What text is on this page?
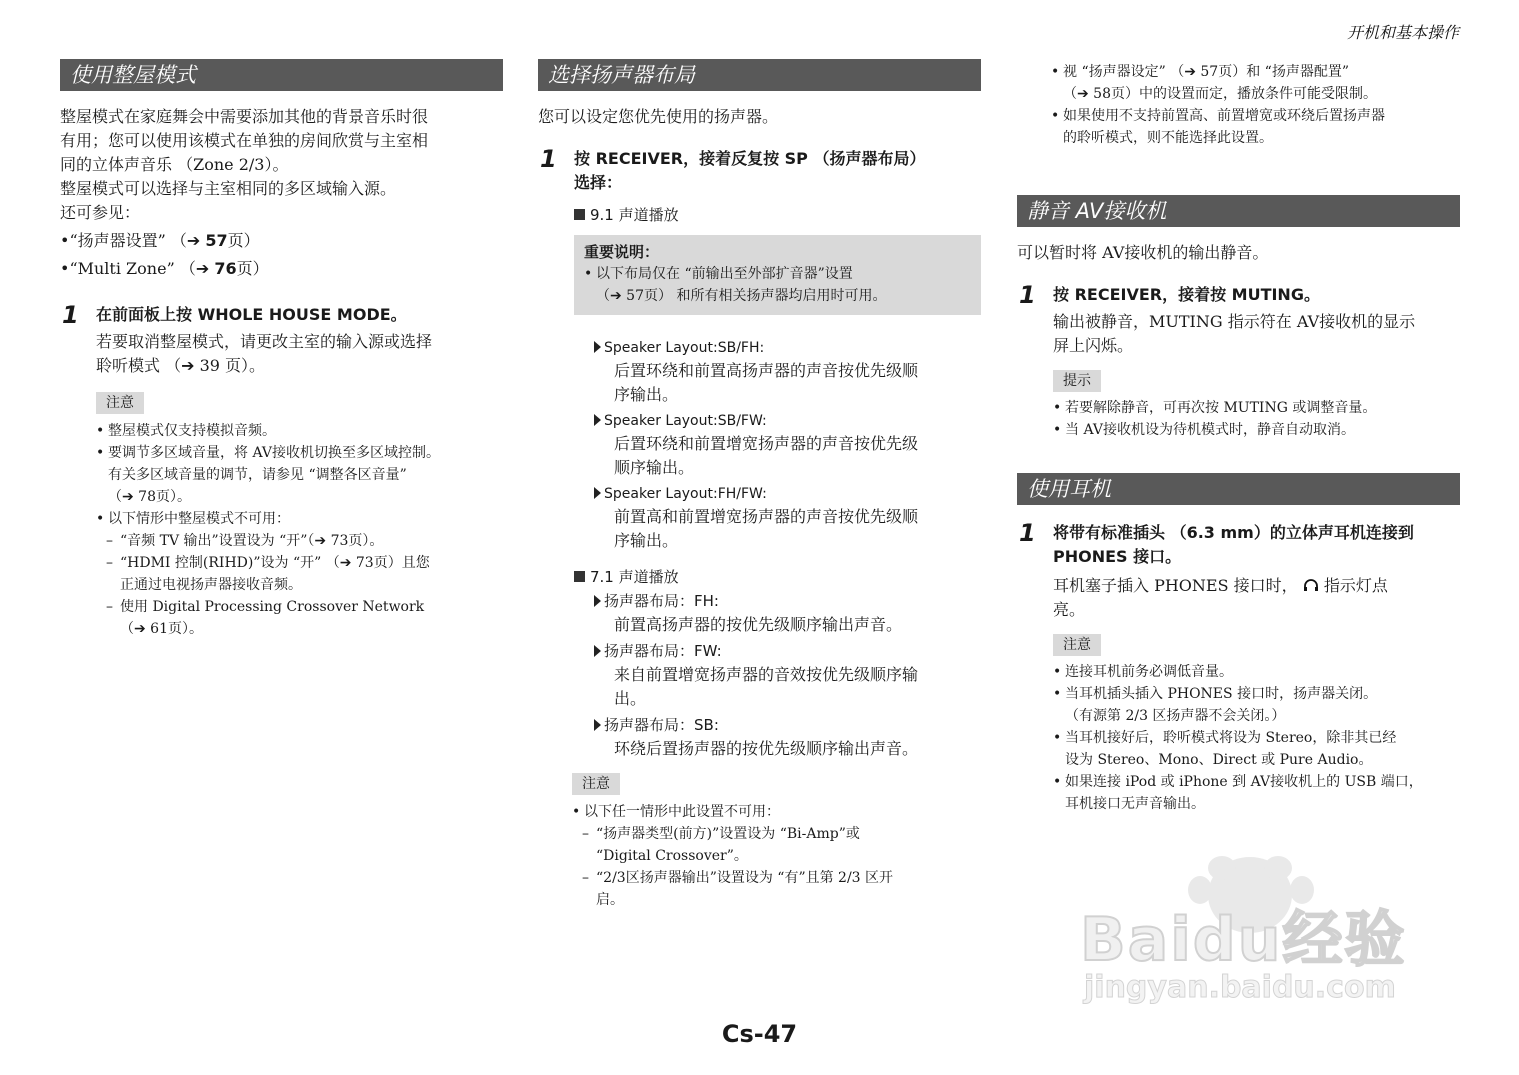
开机和基本操作
使用整屋模式

整屋模式在家庭舞会中需要添加其他的背景音乐时很

有用；您可以使用该模式在单独的房间欣赏与主室相

同的立体声音乐 （Zone 2/3）。

整屋模式可以选择与主室相同的多区域输入源。

还可参见：

•“扬声器设置” （➔ 57页）
•“Multi Zone” （➔ 76页）
1 在前面板上按 WHOLE HOUSE MODE。

若要取消整屋模式，请更改主室的输入源或选择

聆听模式 （➔ 39 页）。

注意
• 整屋模式仅支持模拟音频。
• 要调节多区域音量，将 AV接收机切换至多区域控制。
有关多区域音量的调节，请参见 “调整各区音量”
（➔ 78页）。
• 以下情形中整屋模式不可用：
– “音频 TV 输出”设置设为 “开”（➔ 73页）。
– “HDMI 控制(RIHD)”设为 “开” （➔ 73页）且您
正通过电视扬声器接收音频。
– 使用 Digital Processing Crossover Network
（➔ 61页）。
选择扬声器布局

您可以设定您优先使用的扬声器。

1 按 RECEIVER，接着反复按 SP （扬声器布局）
选择：
9.1 声道播放
重要说明：
• 以下布局仅在 “前输出至外部扩音器”设置
（➔ 57页） 和所有相关扬声器均启用时可用。
Speaker Layout:SB/FH:

后置环绕和前置高扬声器的声音按优先级顺

序输出。

Speaker Layout:SB/FW:

后置环绕和前置增宽扬声器的声音按优先级

顺序输出。

Speaker Layout:FH/FW:

前置高和前置增宽扬声器的声音按优先级顺

序输出。

7.1 声道播放
扬声器布局：FH:

前置高扬声器的按优先级顺序输出声音。

扬声器布局：FW:

来自前置增宽扬声器的音效按优先级顺序输

出。

扬声器布局：SB:

环绕后置扬声器的按优先级顺序输出声音。

注意
• 以下任一情形中此设置不可用：
– “扬声器类型(前方)”设置设为 “Bi-Amp”或
“Digital Crossover”。
– “2/3区扬声器输出”设置设为 “有”且第 2/3 区开
启。
• 视 “扬声器设定” （➔ 57页）和 “扬声器配置”
（➔ 58页）中的设置而定，播放条件可能受限制。
• 如果使用不支持前置高、前置增宽或环绕后置扬声器
的聆听模式，则不能选择此设置。
静音 AV接收机

可以暂时将 AV接收机的输出静音。

1 按 RECEIVER，接着按 MUTING。

输出被静音，MUTING 指示符在 AV接收机的显示

屏上闪烁。

提示
• 若要解除静音，可再次按 MUTING 或调整音量。
• 当 AV接收机设为待机模式时，静音自动取消。
使用耳机
1 将带有标准插头 （6.3 mm）的立体声耳机连接到
PHONES 接口。

耳机塞子插入 PHONES 接口时， 指示灯点

亮。

注意
• 连接耳机前务必调低音量。
• 当耳机插头插入 PHONES 接口时，扬声器关闭。
（有源第 2/3 区扬声器不会关闭。）
• 当耳机接好后，聆听模式将设为 Stereo，除非其已经
设为 Stereo、Mono、Direct 或 Pure Audio。
• 如果连接 iPod 或 iPhone 到 AV接收机上的 USB 端口，
耳机接口无声音输出。
Baidu经验
jingyan.baidu.com
Cs-47
